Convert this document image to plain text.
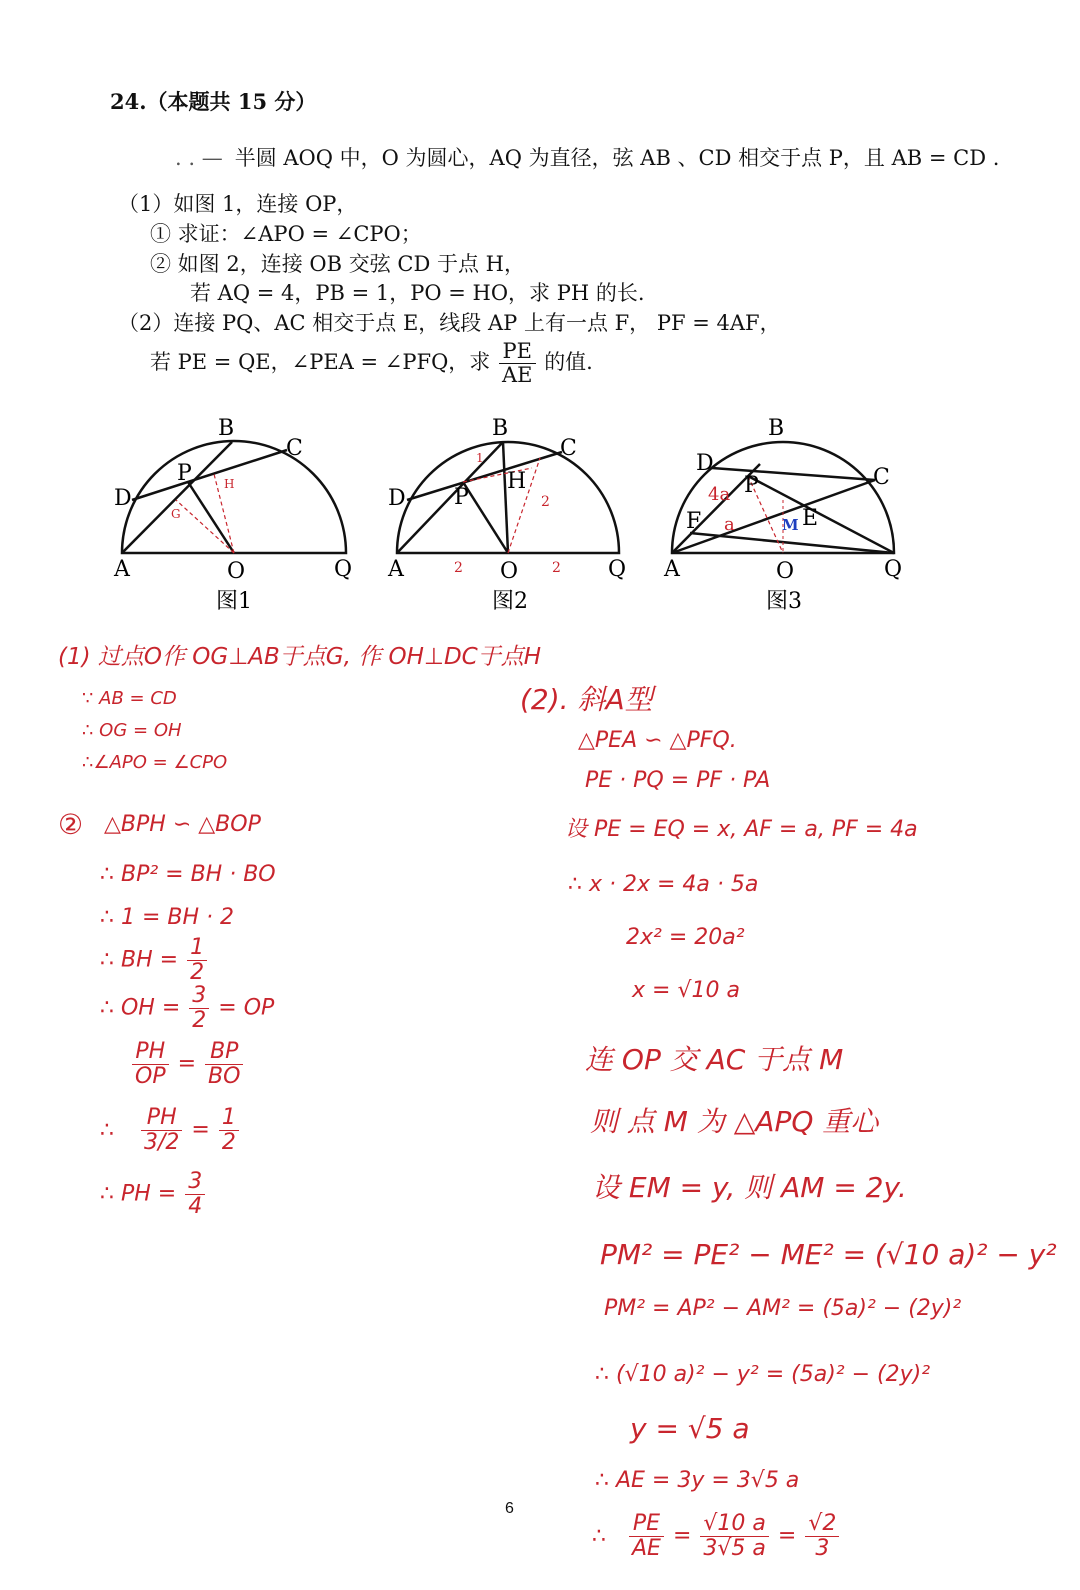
24.（本题共 15 分）
. . — 半圆 AOQ 中，O 为圆心，AQ 为直径，弦 AB 、CD 相交于点 P，且 AB = CD .
（1）如图 1，连接 OP，
① 求证：∠APO = ∠CPO；
② 如图 2，连接 OB 交弦 CD 于点 H，
若 AQ = 4，PB = 1，PO = HO，求 PH 的长.
（2）连接 PQ、AC 相交于点 E，线段 AP 上有一点 F， PF = 4AF，
若 PE = QE，∠PEA = ∠PFQ，求 $\frac{PE}{AE}$ 的值.
B
C
P
D
A	O	Q
H
G
图1
B
C
P
H
D
A	O	Q
2	2
2
1
图2
B
D
C
P
F	E
A	O	Q
M
4a
a
图3
(1) 过点O作 OG⊥AB于点G, 作 OH⊥DC于点H
∵ AB = CD
∴ OG = OH
∴∠APO = ∠CPO
② △BPH ∽ △BOP
∴ BP² = BH · BO
∴ 1 = BH · 2
∴ BH = $\frac{1}{2}$
∴ OH = $\frac{3}{2}$ = OP
$\frac{PH}{OP} = \frac{BP}{BO}$
∴ $\frac{PH}{3/2} = \frac{1}{2}$
∴ PH = $\frac{3}{4}$
(2). 斜A型
△PEA ∽ △PFQ.
PE · PQ = PF · PA
设 PE = EQ = x, AF = a, PF = 4a
∴ x · 2x = 4a · 5a
2x² = 20a²
x = √10 a
连 OP 交 AC 于点 M
则 点 M 为 △APQ 重心
设 EM = y, 则 AM = 2y.
PM² = PE² − ME² = (√10 a)² − y²
PM² = AP² − AM² = (5a)² − (2y)²
∴ (√10 a)² − y² = (5a)² − (2y)²
y = √5 a
∴ AE = 3y = 3√5 a
∴ $\frac{PE}{AE} = \frac{√10 a}{3√5 a} = \frac{√2}{3}$
6
